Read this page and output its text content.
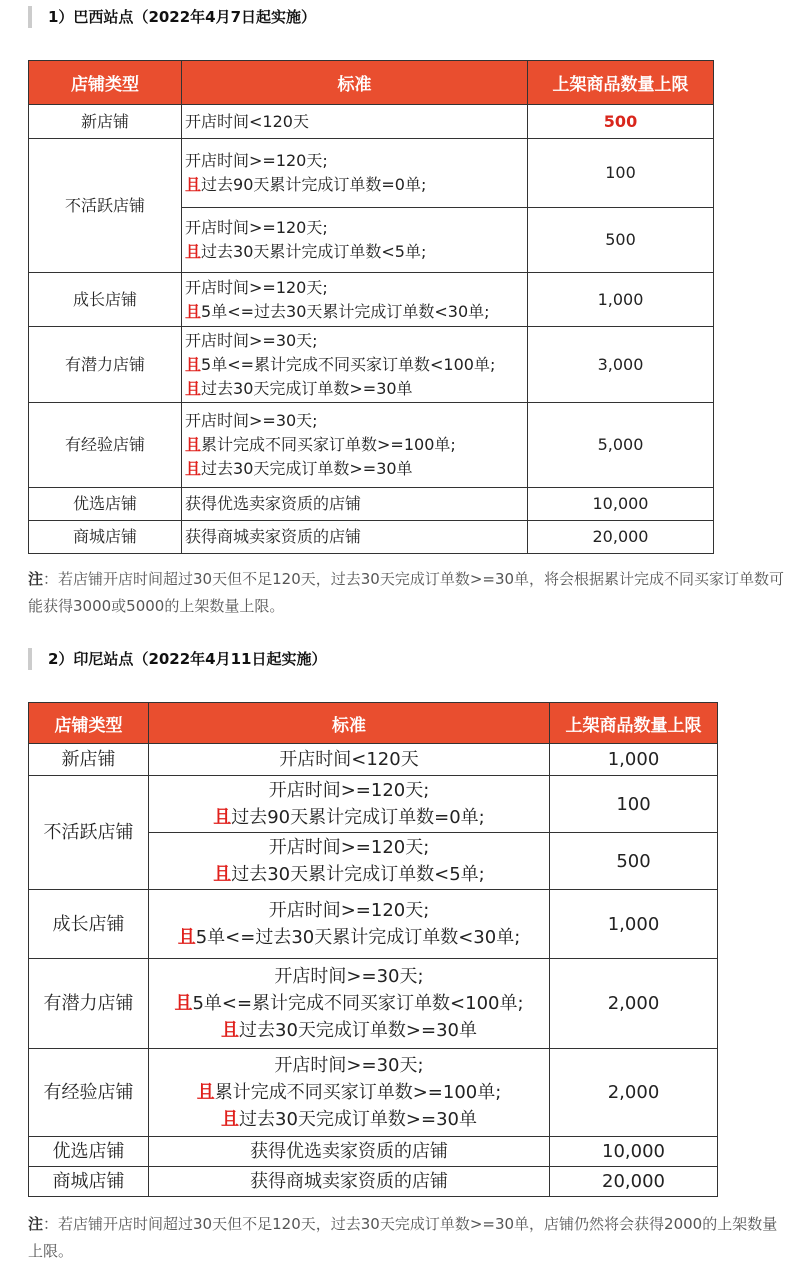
1）巴西站点（2022年4月7日起实施）
店铺类型	标准	上架商品数量上限
新店铺	开店时间<120天	500
不活跃店铺	开店时间>=120天;
且过去90天累计完成订单数=0单;	100

	开店时间>=120天;
且过去30天累计完成订单数<5单;	500
成长店铺	开店时间>=120天;
且5单<=过去30天累计完成订单数<30单;	1,000
有潜力店铺	开店时间>=30天;
且5单<=累计完成不同买家订单数<100单;
且过去30天完成订单数>=30单	3,000
有经验店铺	开店时间>=30天;
且累计完成不同买家订单数>=100单;
且过去30天完成订单数>=30单	5,000
优选店铺	获得优选卖家资质的店铺	10,000
商城店铺	获得商城卖家资质的店铺	20,000
注：若店铺开店时间超过30天但不足120天，过去30天完成订单数>=30单，将会根据累计完成不同买家订单数可能获得3000或5000的上架数量上限。
2）印尼站点（2022年4月11日起实施）
店铺类型	标准	上架商品数量上限
新店铺	开店时间<120天	1,000
不活跃店铺	开店时间>=120天;
且过去90天累计完成订单数=0单;	100

	开店时间>=120天;
且过去30天累计完成订单数<5单;	500
成长店铺	开店时间>=120天;
且5单<=过去30天累计完成订单数<30单;	1,000
有潜力店铺	开店时间>=30天;
且5单<=累计完成不同买家订单数<100单;
且过去30天完成订单数>=30单	2,000
有经验店铺	开店时间>=30天;
且累计完成不同买家订单数>=100单;
且过去30天完成订单数>=30单	2,000
优选店铺	获得优选卖家资质的店铺	10,000
商城店铺	获得商城卖家资质的店铺	20,000
注：若店铺开店时间超过30天但不足120天，过去30天完成订单数>=30单，店铺仍然将会获得2000的上架数量上限。
